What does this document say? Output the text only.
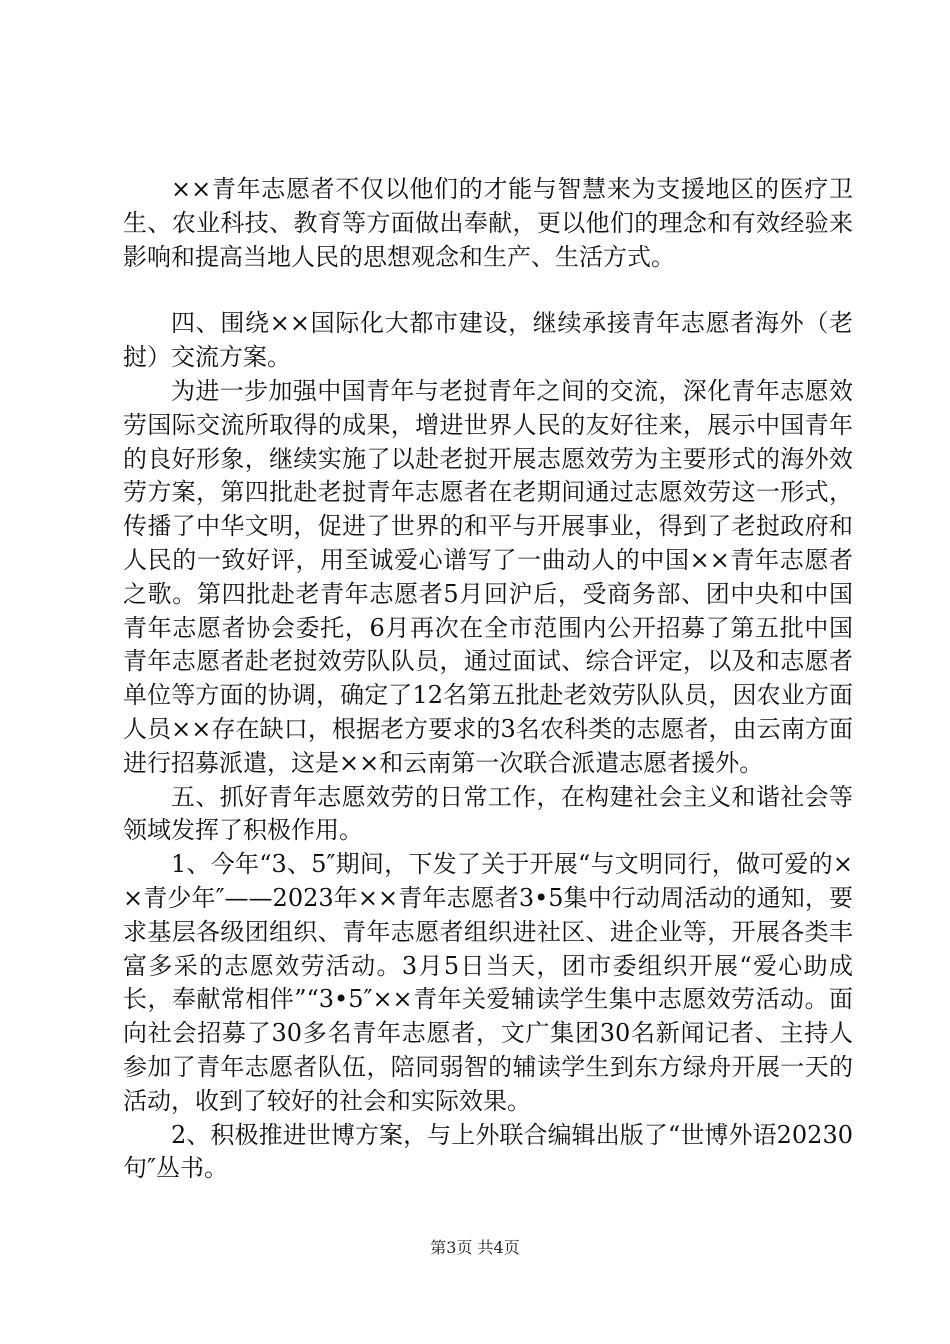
××青年志愿者不仅以他们的才能与智慧来为支援地区的医疗卫生、农业科技、教育等方面做出奉献，更以他们的理念和有效经验来影响和提高当地人民的思想观念和生产、生活方式。

四、围绕××国际化大都市建设，继续承接青年志愿者海外（老挝）交流方案。

为进一步加强中国青年与老挝青年之间的交流，深化青年志愿效劳国际交流所取得的成果，增进世界人民的友好往来，展示中国青年的良好形象，继续实施了以赴老挝开展志愿效劳为主要形式的海外效劳方案，第四批赴老挝青年志愿者在老期间通过志愿效劳这一形式，传播了中华文明，促进了世界的和平与开展事业，得到了老挝政府和人民的一致好评，用至诚爱心谱写了一曲动人的中国××青年志愿者之歌。第四批赴老青年志愿者5月回沪后，受商务部、团中央和中国青年志愿者协会委托，6月再次在全市范围内公开招募了第五批中国青年志愿者赴老挝效劳队队员，通过面试、综合评定，以及和志愿者单位等方面的协调，确定了12名第五批赴老效劳队队员，因农业方面人员××存在缺口，根据老方要求的3名农科类的志愿者，由云南方面进行招募派遣，这是××和云南第一次联合派遣志愿者援外。

五、抓好青年志愿效劳的日常工作，在构建社会主义和谐社会等领域发挥了积极作用。

1、今年“3、5″期间，下发了关于开展“与文明同行，做可爱的××青少年″——2023年××青年志愿者3•5集中行动周活动的通知，要求基层各级团组织、青年志愿者组织进社区、进企业等，开展各类丰富多采的志愿效劳活动。3月5日当天，团市委组织开展“爱心助成长，奉献常相伴”“3•5″××青年关爱辅读学生集中志愿效劳活动。面向社会招募了30多名青年志愿者，文广集团30名新闻记者、主持人参加了青年志愿者队伍，陪同弱智的辅读学生到东方绿舟开展一天的活动，收到了较好的社会和实际效果。

2、积极推进世博方案，与上外联合编辑出版了“世博外语20230句″丛书。

第3页 共4页
